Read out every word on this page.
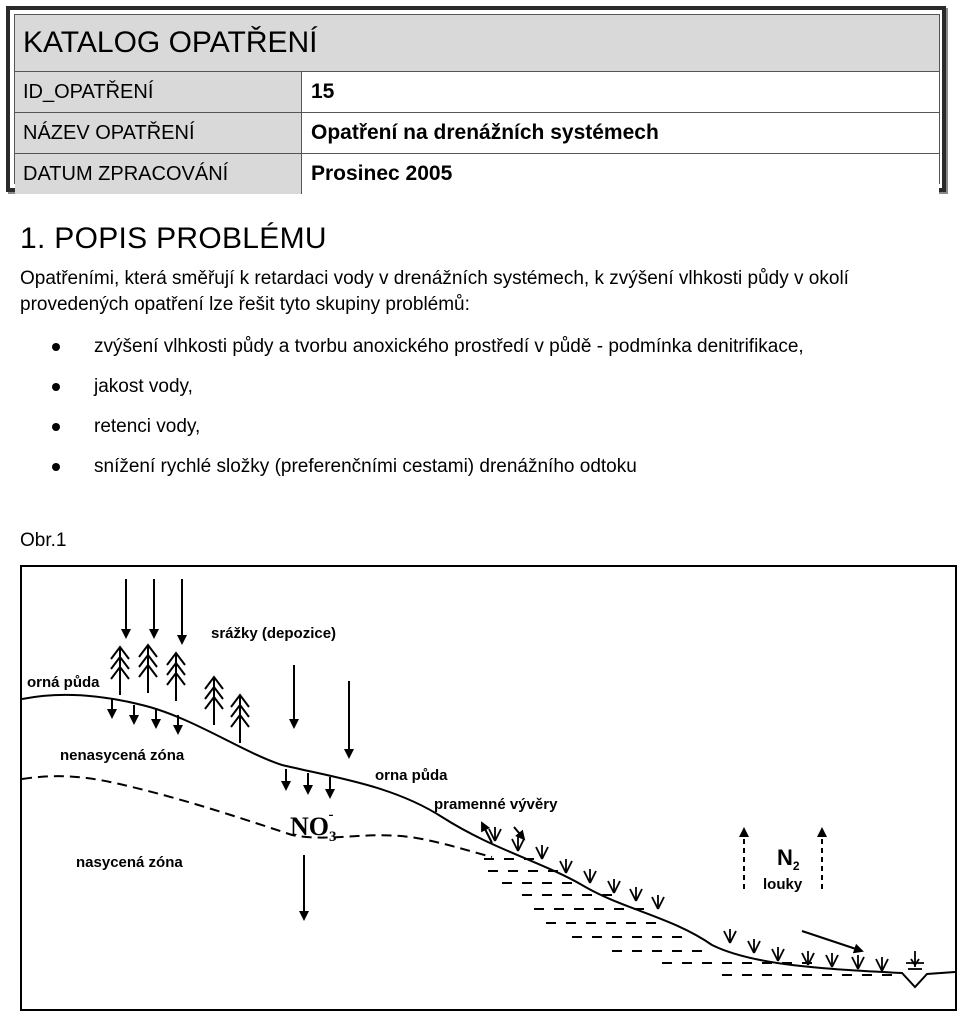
KATALOG OPATŘENÍ
ID_OPATŘENÍ	15
NÁZEV OPATŘENÍ	Opatření na drenážních systémech
DATUM ZPRACOVÁNÍ	Prosinec 2005
1. POPIS PROBLÉMU
Opatřeními, která směřují k retardaci vody v drenážních systémech, k zvýšení vlhkosti půdy v okolí provedených opatření lze řešit tyto skupiny problémů:
zvýšení vlhkosti půdy a tvorbu anoxického prostředí v půdě - podmínka denitrifikace,
jakost vody,
retenci vody,
snížení rychlé složky (preferenčními cestami) drenážního odtoku
Obr.1
srážky (depozice)
orná půda
nenasycená zóna
orna půda
pramenné vývěry
nasycená zóna
$NO_3-$
$N_2$
louky
